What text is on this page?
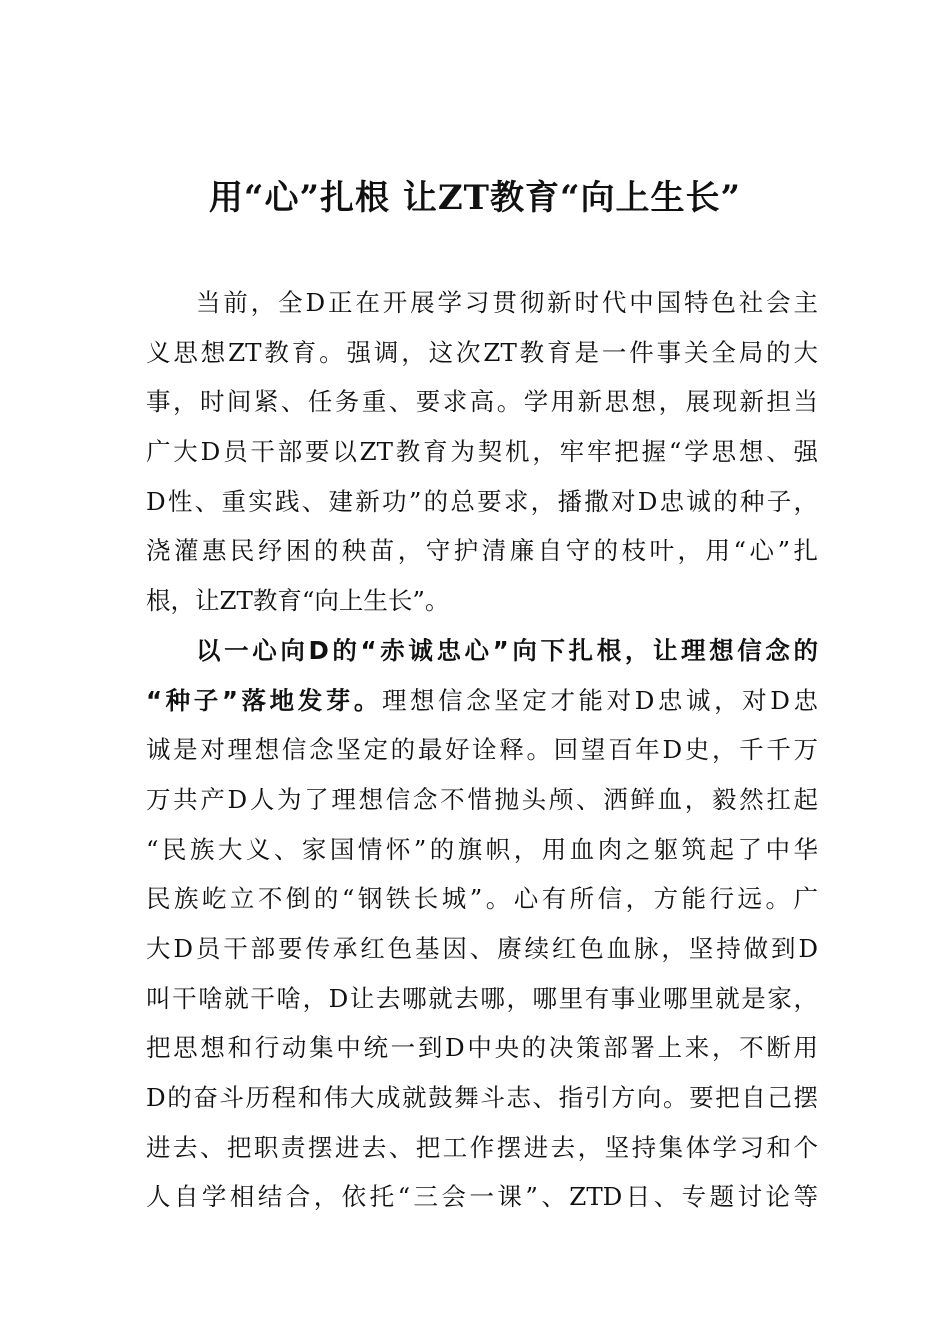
用“心”扎根 让ZT教育“向上生长”
当前，全D正在开展学习贯彻新时代中国特色社会主
义思想ZT教育。强调，这次ZT教育是一件事关全局的大
事，时间紧、任务重、要求高。学用新思想，展现新担当
广大D员干部要以ZT教育为契机，牢牢把握“学思想、强
D性、重实践、建新功”的总要求，播撒对D忠诚的种子，
浇灌惠民纾困的秧苗，守护清廉自守的枝叶，用“心”扎
根，让ZT教育“向上生长”。
以一心向D的“赤诚忠心”向下扎根，让理想信念的
“种子”落地发芽。理想信念坚定才能对D忠诚，对D忠
诚是对理想信念坚定的最好诠释。回望百年D史，千千万
万共产D人为了理想信念不惜抛头颅、洒鲜血，毅然扛起
“民族大义、家国情怀”的旗帜，用血肉之躯筑起了中华
民族屹立不倒的“钢铁长城”。心有所信，方能行远。广
大D员干部要传承红色基因、赓续红色血脉，坚持做到D
叫干啥就干啥，D让去哪就去哪，哪里有事业哪里就是家，
把思想和行动集中统一到D中央的决策部署上来，不断用
D的奋斗历程和伟大成就鼓舞斗志、指引方向。要把自己摆
进去、把职责摆进去、把工作摆进去，坚持集体学习和个
人自学相结合，依托“三会一课”、ZTD日、专题讨论等
